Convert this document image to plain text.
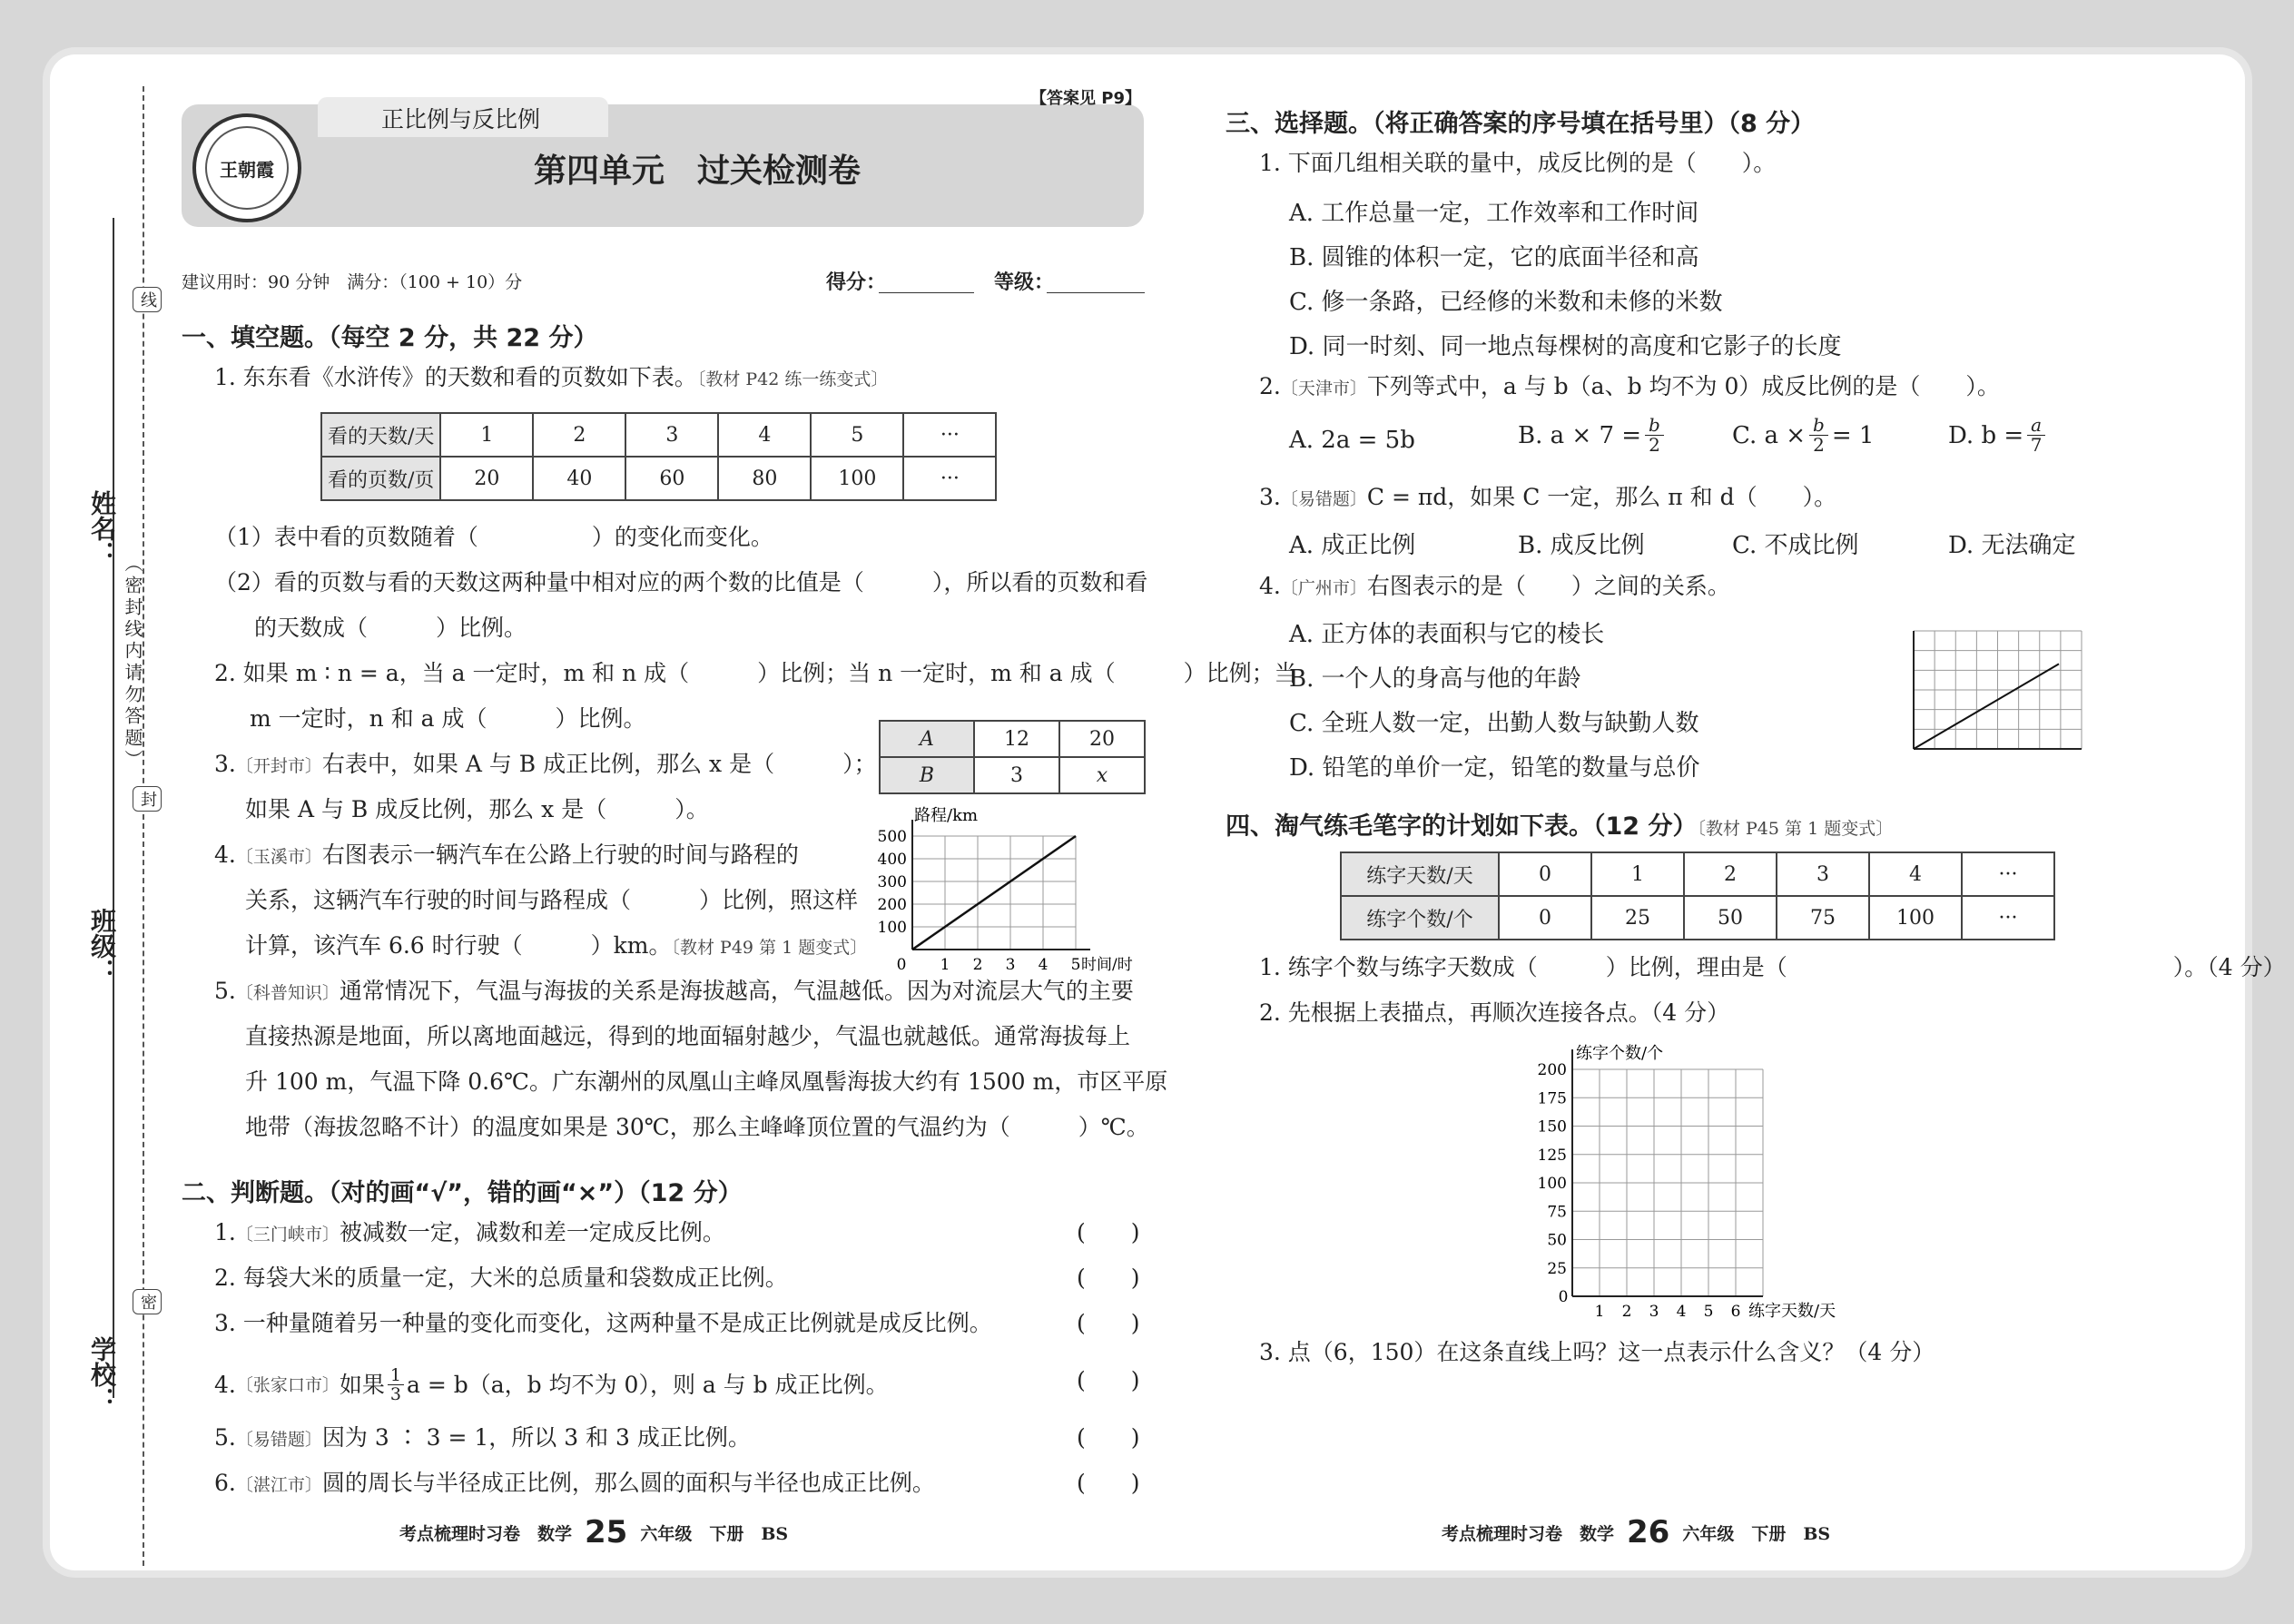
线
封
密
（密封线内请勿答题）
姓名：
班级：
学校：
正比例与反比例
【答案见 P9】
王朝霞	第四单元　过关检测卷
建议用时：90 分钟　满分：（100 + 10）分	得分：	等级：
一、填空题。（每空 2 分，共 22 分）
1. 东东看《水浒传》的天数和看的页数如下表。〔教材 P42 练一练变式〕
看的天数/天	1	2	3	4	5	···
看的页数/页	20	40	60	80	100	···
（1）表中看的页数随着（　　　　　）的变化而变化。
（2）看的页数与看的天数这两种量中相对应的两个数的比值是（　　　），所以看的页数和看
的天数成（　　　）比例。
2. 如果 m ∶ n = a，当 a 一定时，m 和 n 成（　　　）比例；当 n 一定时，m 和 a 成（　　　）比例；当
m 一定时，n 和 a 成（　　　）比例。
A	12	20
B	3	x
3.〔开封市〕右表中，如果 A 与 B 成正比例，那么 x 是（　　　）；
如果 A 与 B 成反比例，那么 x 是（　　　）。
4.〔玉溪市〕右图表示一辆汽车在公路上行驶的时间与路程的
关系，这辆汽车行驶的时间与路程成（　　　）比例，照这样
计算，该汽车 6.6 时行驶（　　　）km。〔教材 P49 第 1 题变式〕
路程/km
时间/时
100
200
300
400
500
0 1 2 3 4 5
5.〔科普知识〕通常情况下，气温与海拔的关系是海拔越高，气温越低。因为对流层大气的主要
直接热源是地面，所以离地面越远，得到的地面辐射越少，气温也就越低。通常海拔每上
升 100 m，气温下降 0.6℃。广东潮州的凤凰山主峰凤凰髻海拔大约有 1500 m，市区平原
地带（海拔忽略不计）的温度如果是 30℃，那么主峰峰顶位置的气温约为（　　　）℃。
二、判断题。（对的画“√”，错的画“×”）（12 分）
1.〔三门峡市〕被减数一定，减数和差一定成反比例。
2. 每袋大米的质量一定，大米的总质量和袋数成正比例。
3. 一种量随着另一种量的变化而变化，这两种量不是成正比例就是成反比例。
4. 〔张家口市〕 如果 $\frac{1}{3}$ a = b（a，b 均不为 0），则 a 与 b 成正比例。
5.〔易错题〕因为 3 ∶ 3 = 1，所以 3 和 3 成正比例。
6.〔湛江市〕圆的周长与半径成正比例，那么圆的面积与半径也成正比例。
(　　)
(　　)
(　　)
(　　)
(　　)
(　　)
考点梳理时习卷　数学 25 六年级　下册　BS
三、选择题。（将正确答案的序号填在括号里）（8 分）
1. 下面几组相关联的量中，成反比例的是（　　）。
A. 工作总量一定，工作效率和工作时间
B. 圆锥的体积一定，它的底面半径和高
C. 修一条路，已经修的米数和未修的米数
D. 同一时刻、同一地点每棵树的高度和它影子的长度
2.〔天津市〕下列等式中，a 与 b（a、b 均不为 0）成反比例的是（　　）。
A. 2a = 5b	B. $a \times 7 = \frac{b}{2}$	C. $a \times \frac{b}{2} = 1$	D. $b = \frac{a}{7}$
3.〔易错题〕C = πd，如果 C 一定，那么 π 和 d（　　）。
A. 成正比例	B. 成反比例	C. 不成比例	D. 无法确定
4.〔广州市〕右图表示的是（　　）之间的关系。
A. 正方体的表面积与它的棱长
B. 一个人的身高与他的年龄
C. 全班人数一定，出勤人数与缺勤人数
D. 铅笔的单价一定，铅笔的数量与总价
四、淘气练毛笔字的计划如下表。（12 分）〔教材 P45 第 1 题变式〕
练字天数/天	0	1	2	3	4	···
练字个数/个	0	25	50	75	100	···
1. 练字个数与练字天数成（　　　）比例，理由是（　　　　　　　　　　　　　　　　　）。（4 分）
2. 先根据上表描点，再顺次连接各点。（4 分）
练字个数/个
练字天数/天
25
50
75
100
125
150
175
200
0
1 2 3 4 5 6
3. 点（6，150）在这条直线上吗？这一点表示什么含义？（4 分）
考点梳理时习卷　数学 26 六年级　下册　BS
